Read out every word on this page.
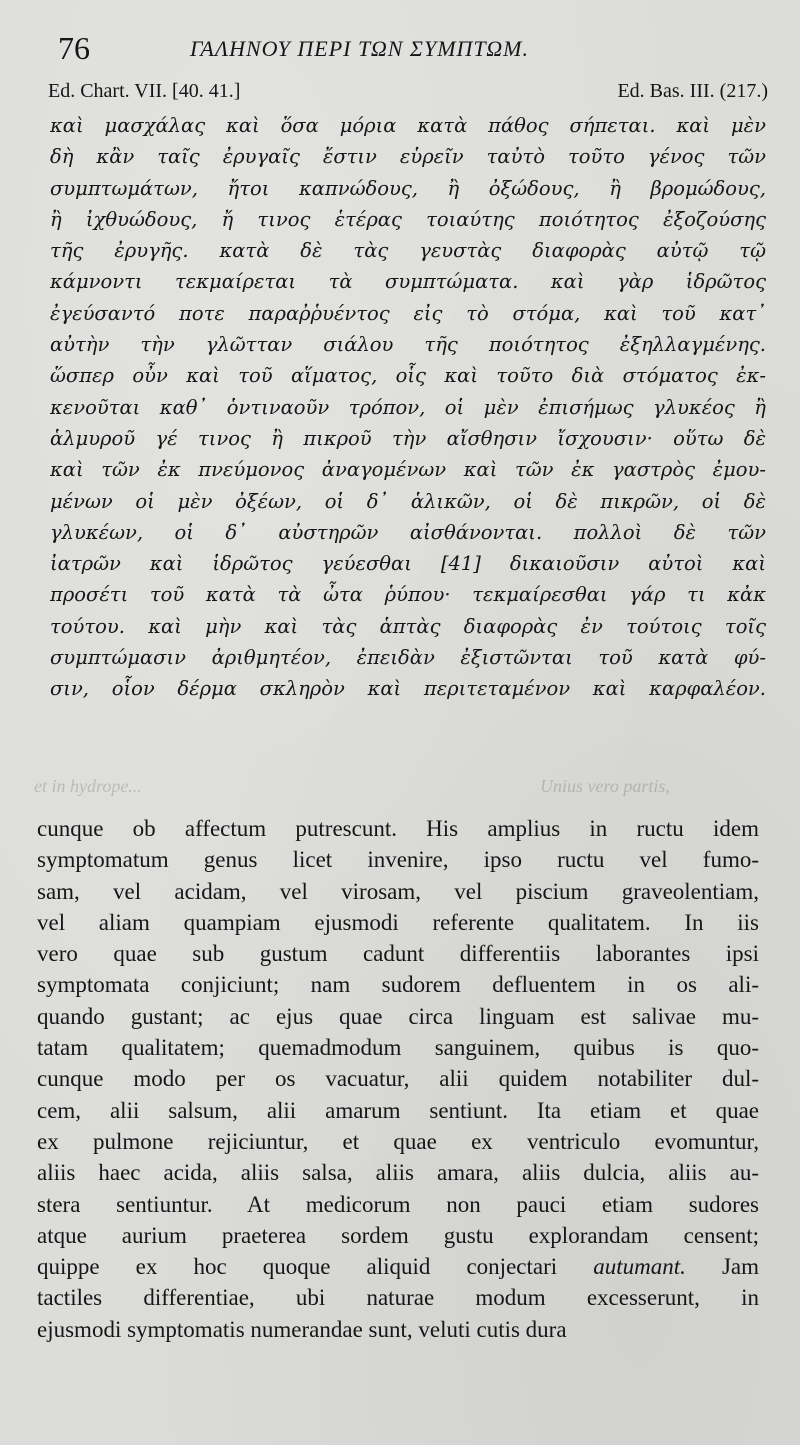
76	ΓΑΛΗΝΟΥ ΠΕΡΙ ΤΩΝ ΣΥΜΠΤΩΜ.
Ed. Chart. VII. [40. 41.]	Ed. Bas. III. (217.)
καὶ μασχάλας καὶ ὅσα μόρια κατὰ πάθος σήπεται. καὶ μὲν
δὴ κἂν ταῖς ἐρυγαῖς ἔστιν εὑρεῖν ταὐτὸ τοῦτο γένος τῶν
συμπτωμάτων, ἤτοι καπνώδους, ἢ ὀξώδους, ἢ βρομώδους,
ἢ ἰχθυώδους, ἤ τινος ἑτέρας τοιαύτης ποιότητος ἐξοζούσης
τῆς ἐρυγῆς. κατὰ δὲ τὰς γευστὰς διαφορὰς αὐτῷ τῷ
κάμνοντι τεκμαίρεται τὰ συμπτώματα. καὶ γὰρ ἱδρῶτος
ἐγεύσαντό ποτε παραῤῥυέντος εἰς τὸ στόμα, καὶ τοῦ κατ᾿
αὐτὴν τὴν γλῶτταν σιάλου τῆς ποιότητος ἐξηλλαγμένης.
ὥσπερ οὖν καὶ τοῦ αἵματος, οἷς καὶ τοῦτο διὰ στόματος ἐκ-
κενοῦται καθ᾿ ὁντιναοῦν τρόπον, οἱ μὲν ἐπισήμως γλυκέος ἢ
ἁλμυροῦ γέ τινος ἢ πικροῦ τὴν αἴσθησιν ἴσχουσιν· οὕτω δὲ
καὶ τῶν ἐκ πνεύμονος ἀναγομένων καὶ τῶν ἐκ γαστρὸς ἐμου-
μένων οἱ μὲν ὀξέων, οἱ δ᾿ ἁλικῶν, οἱ δὲ πικρῶν, οἱ δὲ
γλυκέων, οἱ δ᾿ αὐστηρῶν αἰσθάνονται. πολλοὶ δὲ τῶν
ἰατρῶν καὶ ἱδρῶτος γεύεσθαι [41] δικαιοῦσιν αὐτοὶ καὶ
προσέτι τοῦ κατὰ τὰ ὦτα ῥύπου· τεκμαίρεσθαι γάρ τι κἀκ
τούτου. καὶ μὴν καὶ τὰς ἁπτὰς διαφορὰς ἐν τούτοις τοῖς
συμπτώμασιν ἀριθμητέον, ἐπειδὰν ἐξιστῶνται τοῦ κατὰ φύ-
σιν, οἷον δέρμα σκληρὸν καὶ περιτεταμένον καὶ καρφαλέον.
et in hydrope...	Unius vero partis,
cunque ob affectum putrescunt. His amplius in ructu idem
symptomatum genus licet invenire, ipso ructu vel fumo-
sam, vel acidam, vel virosam, vel piscium graveolentiam,
vel aliam quampiam ejusmodi referente qualitatem. In iis
vero quae sub gustum cadunt differentiis laborantes ipsi
symptomata conjiciunt; nam sudorem defluentem in os ali-
quando gustant; ac ejus quae circa linguam est salivae mu-
tatam qualitatem; quemadmodum sanguinem, quibus is quo-
cunque modo per os vacuatur, alii quidem notabiliter dul-
cem, alii salsum, alii amarum sentiunt. Ita etiam et quae
ex pulmone rejiciuntur, et quae ex ventriculo evomuntur,
aliis haec acida, aliis salsa, aliis amara, aliis dulcia, aliis au-
stera sentiuntur. At medicorum non pauci etiam sudores
atque aurium praeterea sordem gustu explorandam censent;
quippe ex hoc quoque aliquid conjectari autumant. Jam
tactiles differentiae, ubi naturae modum excesserunt, in
ejusmodi symptomatis numerandae sunt, veluti cutis dura
